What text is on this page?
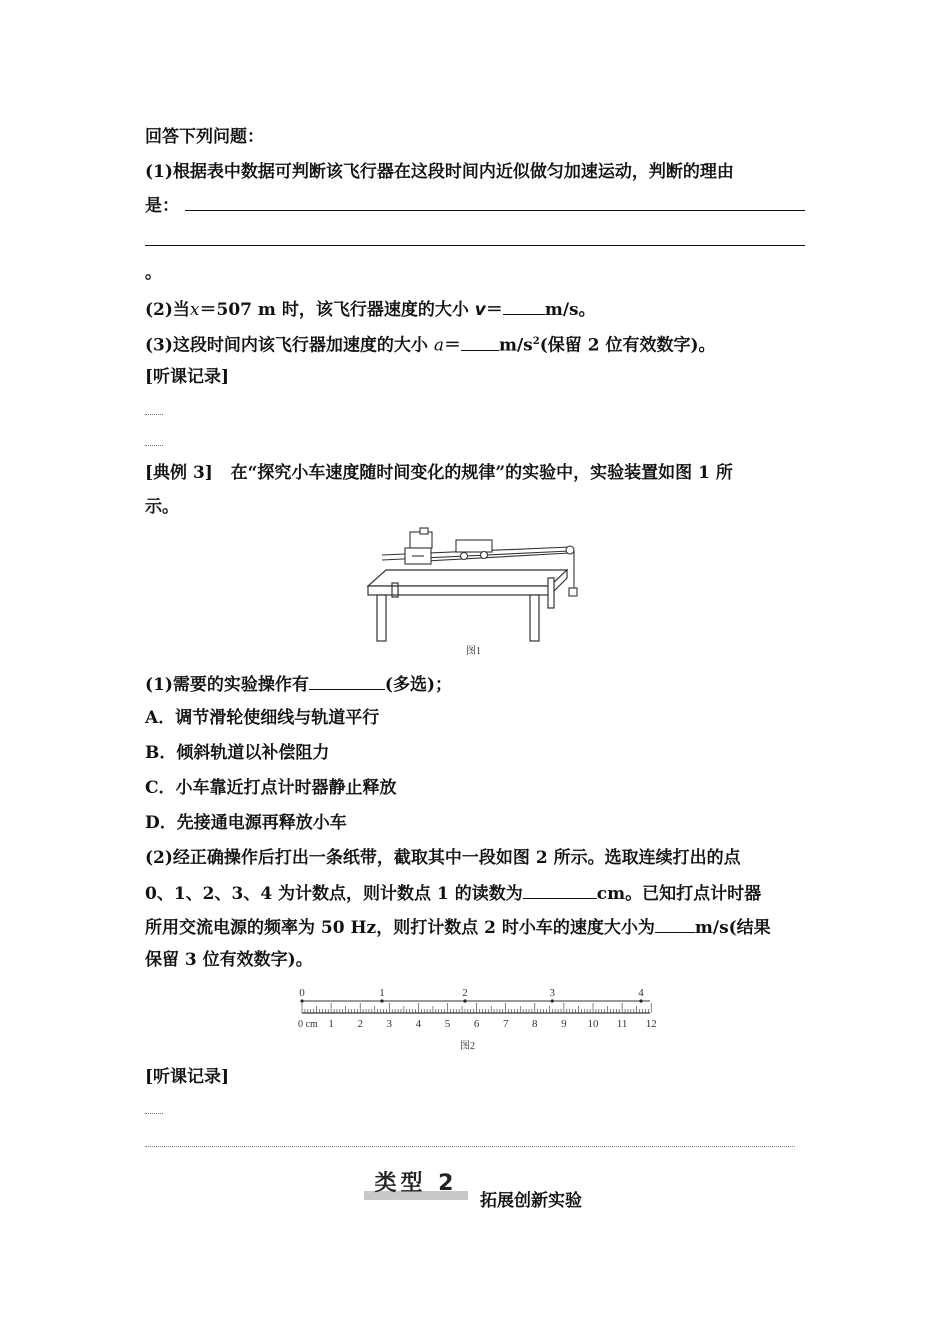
回答下列问题：
(1)根据表中数据可判断该飞行器在这段时间内近似做匀加速运动，判断的理由
是：
。
(2)当x＝507 m 时，该飞行器速度的大小 v＝ m/s。
(3)这段时间内该飞行器加速度的大小 $a= m/s^2$(保留 2 位有效数字)。
[听课记录]
[典例 3] 在“探究小车速度随时间变化的规律”的实验中，实验装置如图 1 所
示。
图1
(1)需要的实验操作有	(多选)；
A．调节滑轮使细线与轨道平行
B．倾斜轨道以补偿阻力
C．小车靠近打点计时器静止释放
D．先接通电源再释放小车
(2)经正确操作后打出一条纸带，截取其中一段如图 2 所示。选取连续打出的点
0、1、2、3、4 为计数点，则计数点 1 的读数为	cm。已知打点计时器
所用交流电源的频率为 50 Hz，则打计数点 2 时小车的速度大小为 m/s(结果
保留 3 位有效数字)。
1 2 3 4 5 6 7 8 9 10 11 12
0	1	2	3	4
0 cm
图2
[听课记录]
类型 2
拓展创新实验
